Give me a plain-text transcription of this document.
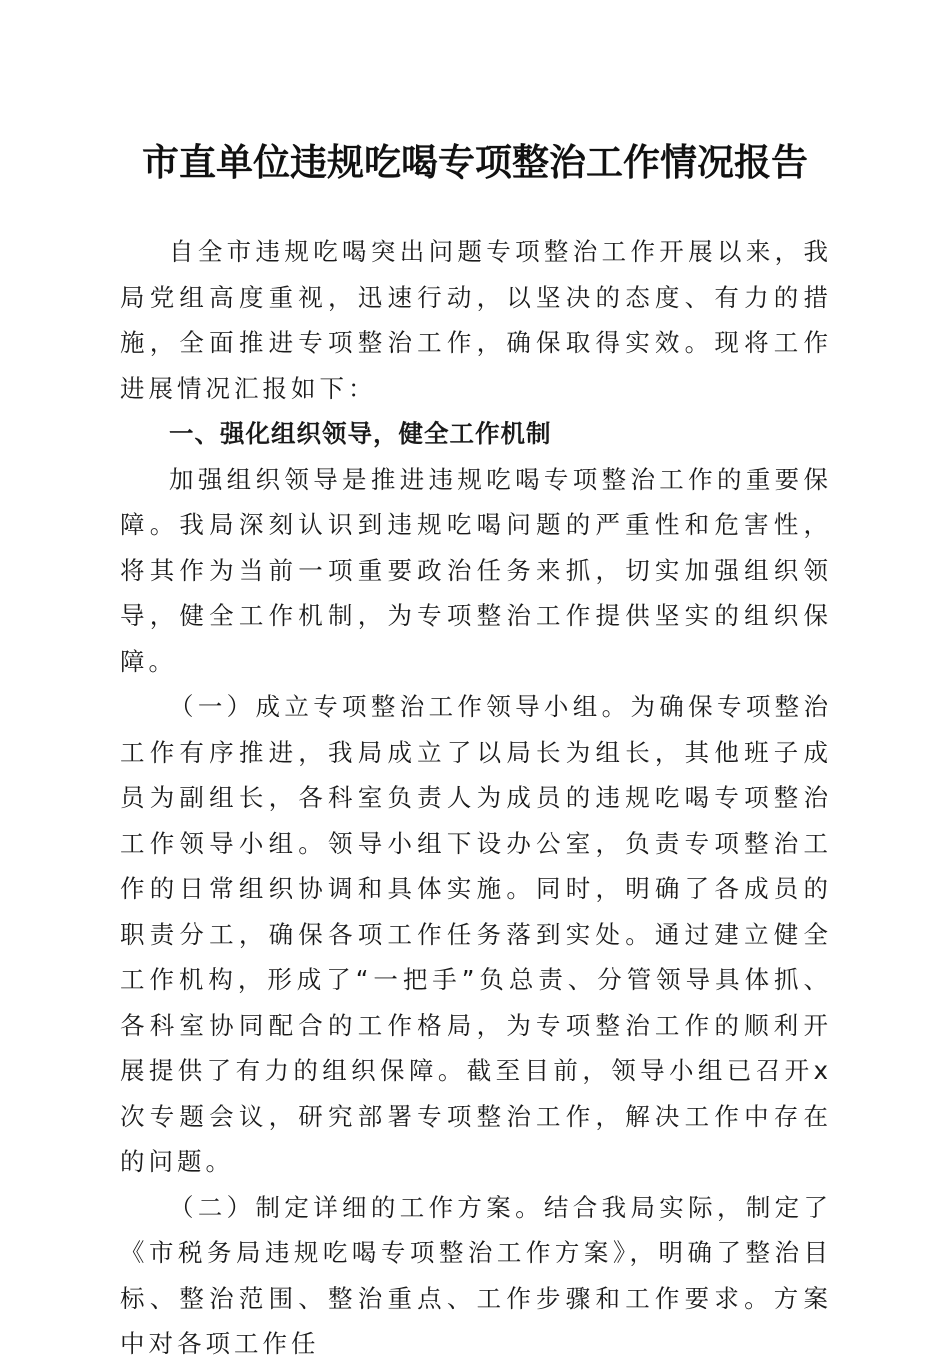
市直单位违规吃喝专项整治工作情况报告

自全市违规吃喝突出问题专项整治工作开展以来，我局党组高度重视，迅速行动，以坚决的态度、有力的措施，全面推进专项整治工作，确保取得实效。现将工作进展情况汇报如下：

一、强化组织领导，健全工作机制

加强组织领导是推进违规吃喝专项整治工作的重要保障。我局深刻认识到违规吃喝问题的严重性和危害性，将其作为当前一项重要政治任务来抓，切实加强组织领导，健全工作机制，为专项整治工作提供坚实的组织保障。

（一）成立专项整治工作领导小组。为确保专项整治工作有序推进，我局成立了以局长为组长，其他班子成员为副组长，各科室负责人为成员的违规吃喝专项整治工作领导小组。领导小组下设办公室，负责专项整治工作的日常组织协调和具体实施。同时，明确了各成员的职责分工，确保各项工作任务落到实处。通过建立健全工作机构，形成了“一把手”负总责、分管领导具体抓、各科室协同配合的工作格局，为专项整治工作的顺利开展提供了有力的组织保障。截至目前，领导小组已召开x次专题会议，研究部署专项整治工作，解决工作中存在的问题。

（二）制定详细的工作方案。结合我局实际，制定了《市税务局违规吃喝专项整治工作方案》，明确了整治目标、整治范围、整治重点、工作步骤和工作要求。方案中对各项工作任
